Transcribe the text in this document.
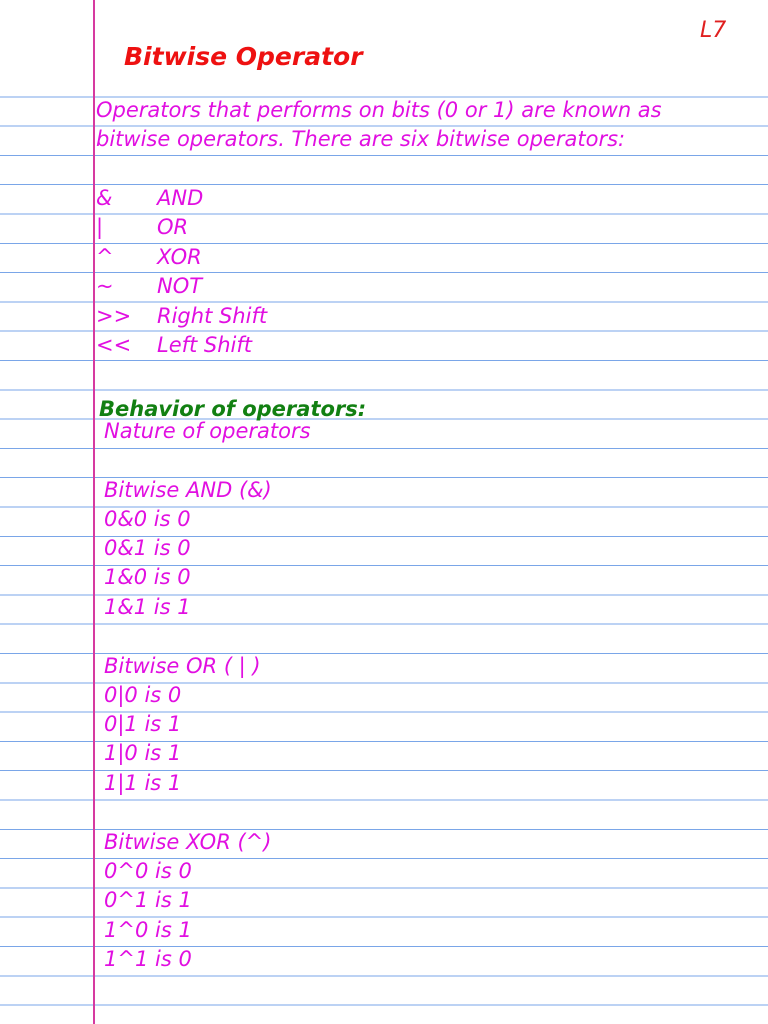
L7
Bitwise Operator
Operators that performs on bits (0 or 1) are known as
bitwise operators. There are six bitwise operators:
& AND
|	OR
^ XOR
~ NOT
>> Right Shift
<< Left Shift
Behavior of operators:
Nature of operators
Bitwise AND (&)
0&0 is 0
0&1 is 0
1&0 is 0
1&1 is 1
Bitwise OR ( | )
0|0 is 0
0|1 is 1
1|0 is 1
1|1 is 1
Bitwise XOR (^)
0^0 is 0
0^1 is 1
1^0 is 1
1^1 is 0
